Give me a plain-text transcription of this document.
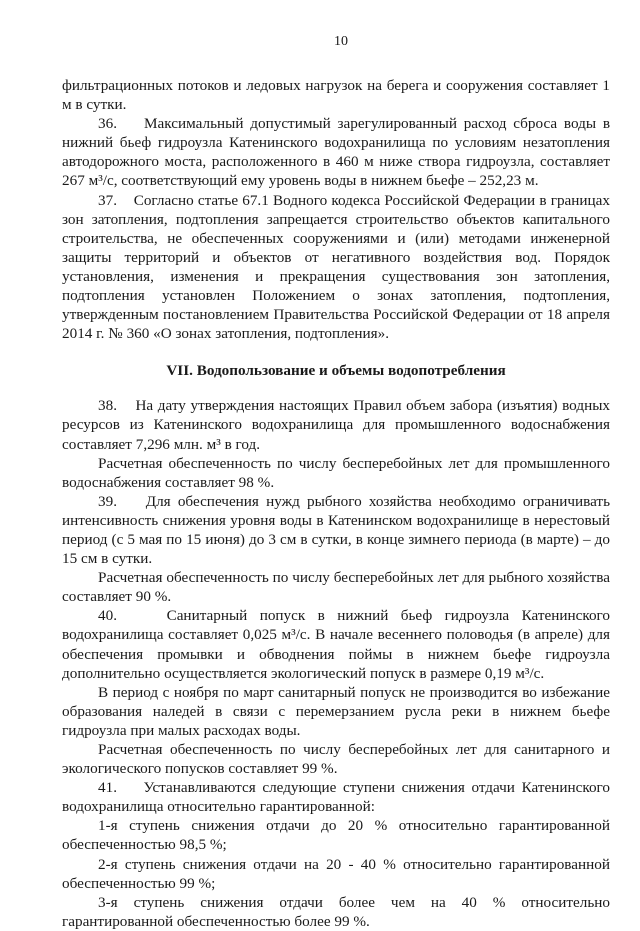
10

фильтрационных потоков и ледовых нагрузок на берега и сооружения составляет 1 м в сутки.

36.    Максимальный допустимый зарегулированный расход сброса воды в нижний бьеф гидроузла Катенинского водохранилища по условиям незатопления автодорожного моста, расположенного в 460 м ниже створа гидроузла, составляет 267 м³/с, соответствующий ему уровень воды в нижнем бьефе – 252,23 м.

37.    Согласно статье 67.1 Водного кодекса Российской Федерации в границах зон затопления, подтопления запрещается строительство объектов капитального строительства, не обеспеченных сооружениями и (или) методами инженерной защиты территорий и объектов от негативного воздействия вод. Порядок установления, изменения и прекращения существования зон затопления, подтопления установлен Положением о зонах затопления, подтопления, утвержденным постановлением Правительства Российской Федерации от 18 апреля 2014 г. № 360 «О зонах затопления, подтопления».

VII. Водопользование и объемы водопотребления

38.    На дату утверждения настоящих Правил объем забора (изъятия) водных ресурсов из Катенинского водохранилища для промышленного водоснабжения составляет 7,296 млн. м³ в год.

Расчетная обеспеченность по числу бесперебойных лет для промышленного водоснабжения составляет 98 %.

39.    Для обеспечения нужд рыбного хозяйства необходимо ограничивать интенсивность снижения уровня воды в Катенинском водохранилище в нерестовый период (с 5 мая по 15 июня) до 3 см в сутки, в конце зимнего периода (в марте) – до 15 см в сутки.

Расчетная обеспеченность по числу бесперебойных лет для рыбного хозяйства составляет 90 %.

40.    Санитарный попуск в нижний бьеф гидроузла Катенинского водохранилища составляет 0,025 м³/с. В начале весеннего половодья (в апреле) для обеспечения промывки и обводнения поймы в нижнем бьефе гидроузла дополнительно осуществляется экологический попуск в размере 0,19 м³/с.

В период с ноября по март санитарный попуск не производится во избежание образования наледей в связи с перемерзанием русла реки в нижнем бьефе гидроузла при малых расходах воды.

Расчетная обеспеченность по числу бесперебойных лет для санитарного и экологического попусков составляет 99 %.

41.    Устанавливаются следующие ступени снижения отдачи Катенинского водохранилища относительно гарантированной:

1-я ступень снижения отдачи до 20 % относительно гарантированной обеспеченностью 98,5 %;

2-я ступень снижения отдачи на 20 - 40 % относительно гарантированной обеспеченностью 99 %;

3-я ступень снижения отдачи более чем на 40 % относительно гарантированной обеспеченностью более 99 %.
